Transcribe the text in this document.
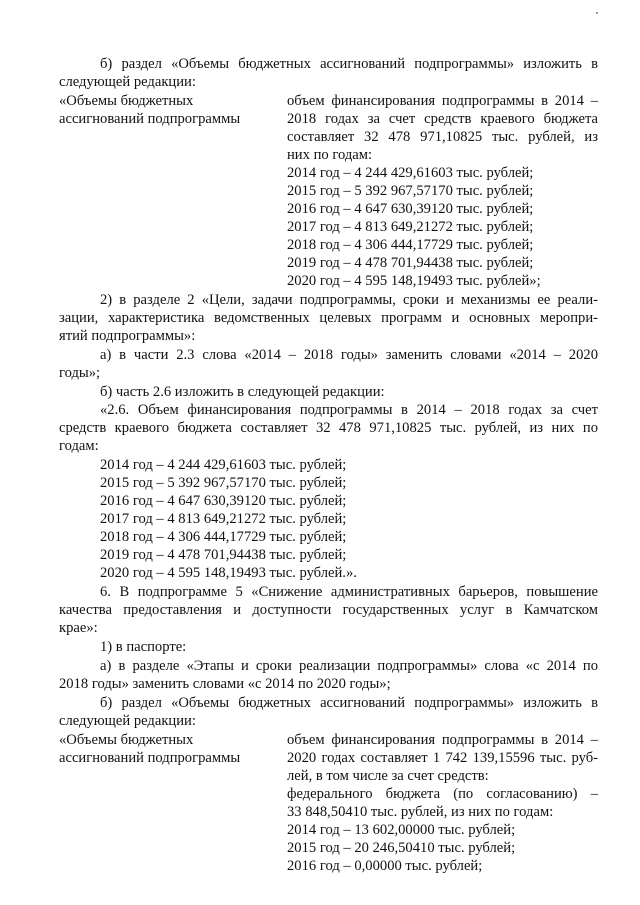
б) раздел «Объемы бюджетных ассигнований подпрограммы» изложить в
следующей редакции:
«Объемы бюджетных
ассигнований подпрограммы
объем финансирования подпрограммы в 2014 –
2018 годах за счет средств краевого бюджета
составляет 32 478 971,10825 тыс. рублей, из
них по годам:
2014 год – 4 244 429,61603 тыс. рублей;
2015 год – 5 392 967,57170 тыс. рублей;
2016 год – 4 647 630,39120 тыс. рублей;
2017 год – 4 813 649,21272 тыс. рублей;
2018 год – 4 306 444,17729 тыс. рублей;
2019 год – 4 478 701,94438 тыс. рублей;
2020 год – 4 595 148,19493 тыс. рублей»;
2) в разделе 2 «Цели, задачи подпрограммы, сроки и механизмы ее реали-
зации, характеристика ведомственных целевых программ и основных меропри-
ятий подпрограммы»:
а) в части 2.3 слова «2014 – 2018 годы» заменить словами «2014 – 2020
годы»;
б) часть 2.6 изложить в следующей редакции:
«2.6. Объем финансирования подпрограммы в 2014 – 2018 годах за счет
средств краевого бюджета составляет 32 478 971,10825 тыс. рублей, из них по
годам:
2014 год – 4 244 429,61603 тыс. рублей;
2015 год – 5 392 967,57170 тыс. рублей;
2016 год – 4 647 630,39120 тыс. рублей;
2017 год – 4 813 649,21272 тыс. рублей;
2018 год – 4 306 444,17729 тыс. рублей;
2019 год – 4 478 701,94438 тыс. рублей;
2020 год – 4 595 148,19493 тыс. рублей.».
6. В подпрограмме 5 «Снижение административных барьеров, повышение
качества предоставления и доступности государственных услуг в Камчатском
крае»:
1) в паспорте:
а) в разделе «Этапы и сроки реализации подпрограммы» слова «с 2014 по
2018 годы» заменить словами «с 2014 по 2020 годы»;
б) раздел «Объемы бюджетных ассигнований подпрограммы» изложить в
следующей редакции:
«Объемы бюджетных
ассигнований подпрограммы
объем финансирования подпрограммы в 2014 –
2020 годах составляет 1 742 139,15596 тыс. руб-
лей, в том числе за счет средств:
федерального бюджета (по согласованию) –
33 848,50410 тыс. рублей, из них по годам:
2014 год – 13 602,00000 тыс. рублей;
2015 год – 20 246,50410 тыс. рублей;
2016 год – 0,00000 тыс. рублей;
